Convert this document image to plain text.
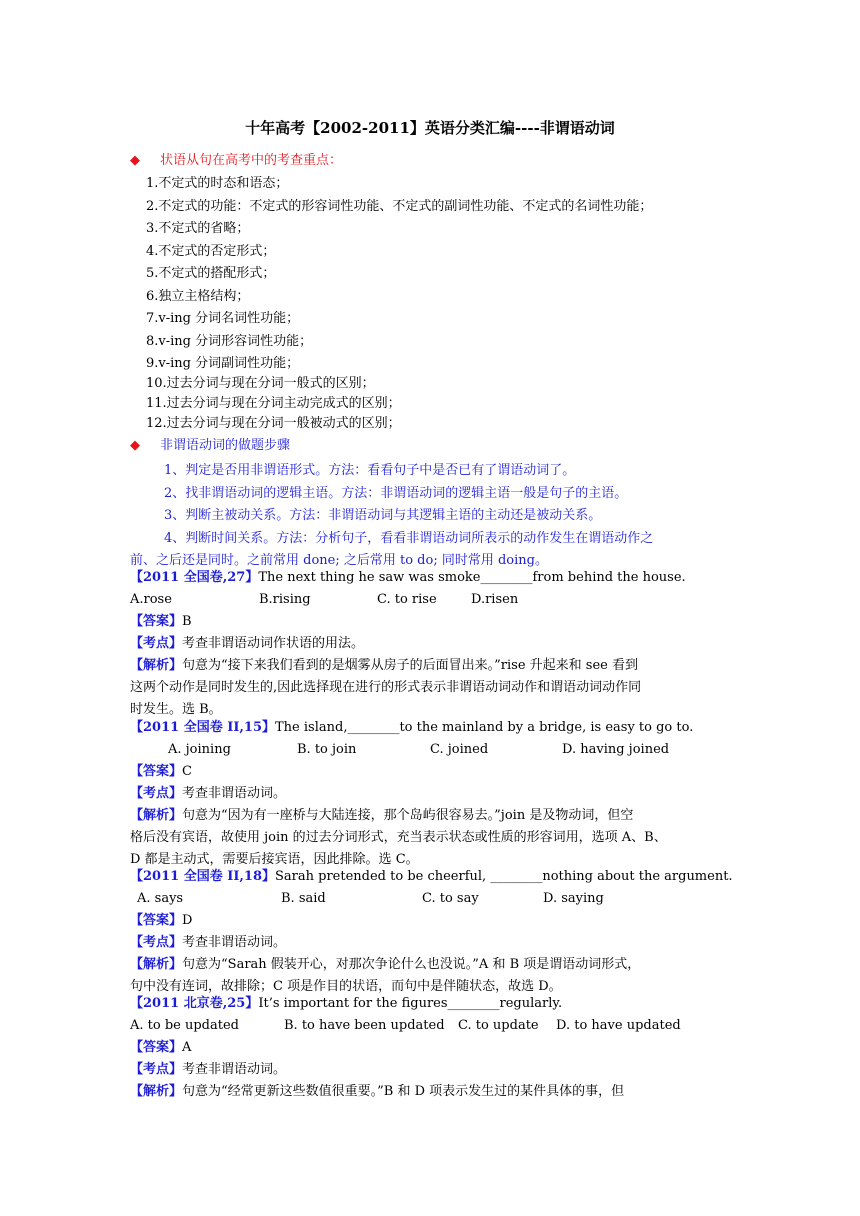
十年高考【2002-2011】英语分类汇编----非谓语动词
◆ 状语从句在高考中的考查重点：
1.不定式的时态和语态；
2.不定式的功能：不定式的形容词性功能、不定式的副词性功能、不定式的名词性功能；
3.不定式的省略；
4.不定式的否定形式；
5.不定式的搭配形式；
6.独立主格结构；
7.v-ing 分词名词性功能；
8.v-ing 分词形容词性功能；
9.v-ing 分词副词性功能；
10.过去分词与现在分词一般式的区别；
11.过去分词与现在分词主动完成式的区别；
12.过去分词与现在分词一般被动式的区别；
◆ 非谓语动词的做题步骤
1、判定是否用非谓语形式。方法：看看句子中是否已有了谓语动词了。
2、找非谓语动词的逻辑主语。方法：非谓语动词的逻辑主语一般是句子的主语。
3、判断主被动关系。方法：非谓语动词与其逻辑主语的主动还是被动关系。
4、判断时间关系。方法：分析句子，看看非谓语动词所表示的动作发生在谓语动作之
前、之后还是同时。之前常用 done; 之后常用 to do; 同时常用 doing。
【2011 全国卷,27】The next thing he saw was smoke________from behind the house.
A.rose	B.rising	C. to rise	D.risen
【答案】B
【考点】考查非谓语动词作状语的用法。
【解析】句意为“接下来我们看到的是烟雾从房子的后面冒出来。”rise 升起来和 see 看到
这两个动作是同时发生的,因此选择现在进行的形式表示非谓语动词动作和谓语动词动作同
时发生。选 B。
【2011 全国卷 II,15】The island,________to the mainland by a bridge, is easy to go to.
A. joining	B. to join	C. joined	D. having joined
【答案】C
【考点】考查非谓语动词。
【解析】句意为“因为有一座桥与大陆连接，那个岛屿很容易去。”join 是及物动词，但空
格后没有宾语，故使用 join 的过去分词形式，充当表示状态或性质的形容词用，选项 A、B、
D 都是主动式，需要后接宾语，因此排除。选 C。
【2011 全国卷 II,18】Sarah pretended to be cheerful, ________nothing about the argument.
A. says	B. said	C. to say	D. saying
【答案】D
【考点】考查非谓语动词。
【解析】句意为“Sarah 假装开心，对那次争论什么也没说。”A 和 B 项是谓语动词形式，
句中没有连词，故排除；C 项是作目的状语，而句中是伴随状态，故选 D。
【2011 北京卷,25】It’s important for the figures________regularly.
A. to be updated	B. to have been updated C. to update D. to have updated
【答案】A
【考点】考查非谓语动词。
【解析】句意为“经常更新这些数值很重要。”B 和 D 项表示发生过的某件具体的事，但
